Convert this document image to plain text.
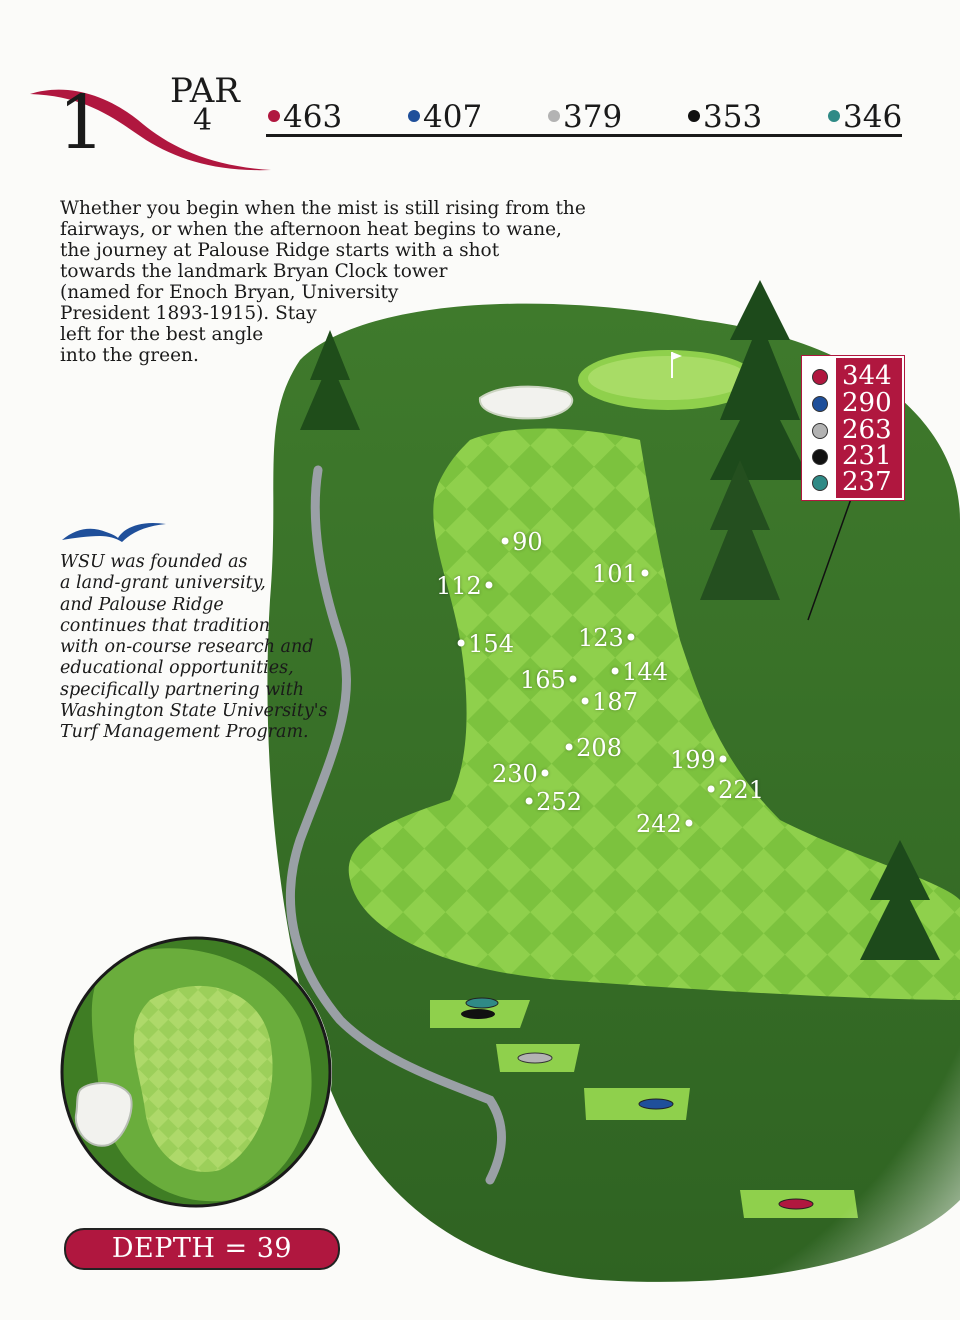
1 PAR
4	463	407	379	353	346

Whether you begin when the mist is still rising from the
fairways, or when the afternoon heat begins to wane,
the journey at Palouse Ridge starts with a shot
towards the landmark Bryan Clock tower
(named for Enoch Bryan, University
President 1893-1915). Stay
left for the best angle
into the green.

WSU was founded as
a land-grant university,
and Palouse Ridge
continues that tradition
with on-course research and
educational opportunities,
specifically partnering with
Washington State University's
Turf Management Program.

344
290
263
231
237
•90
101•
112•
•154	123•
165• •144
•187
•208 199•
230•
•221
•252
242•
DEPTH = 39
